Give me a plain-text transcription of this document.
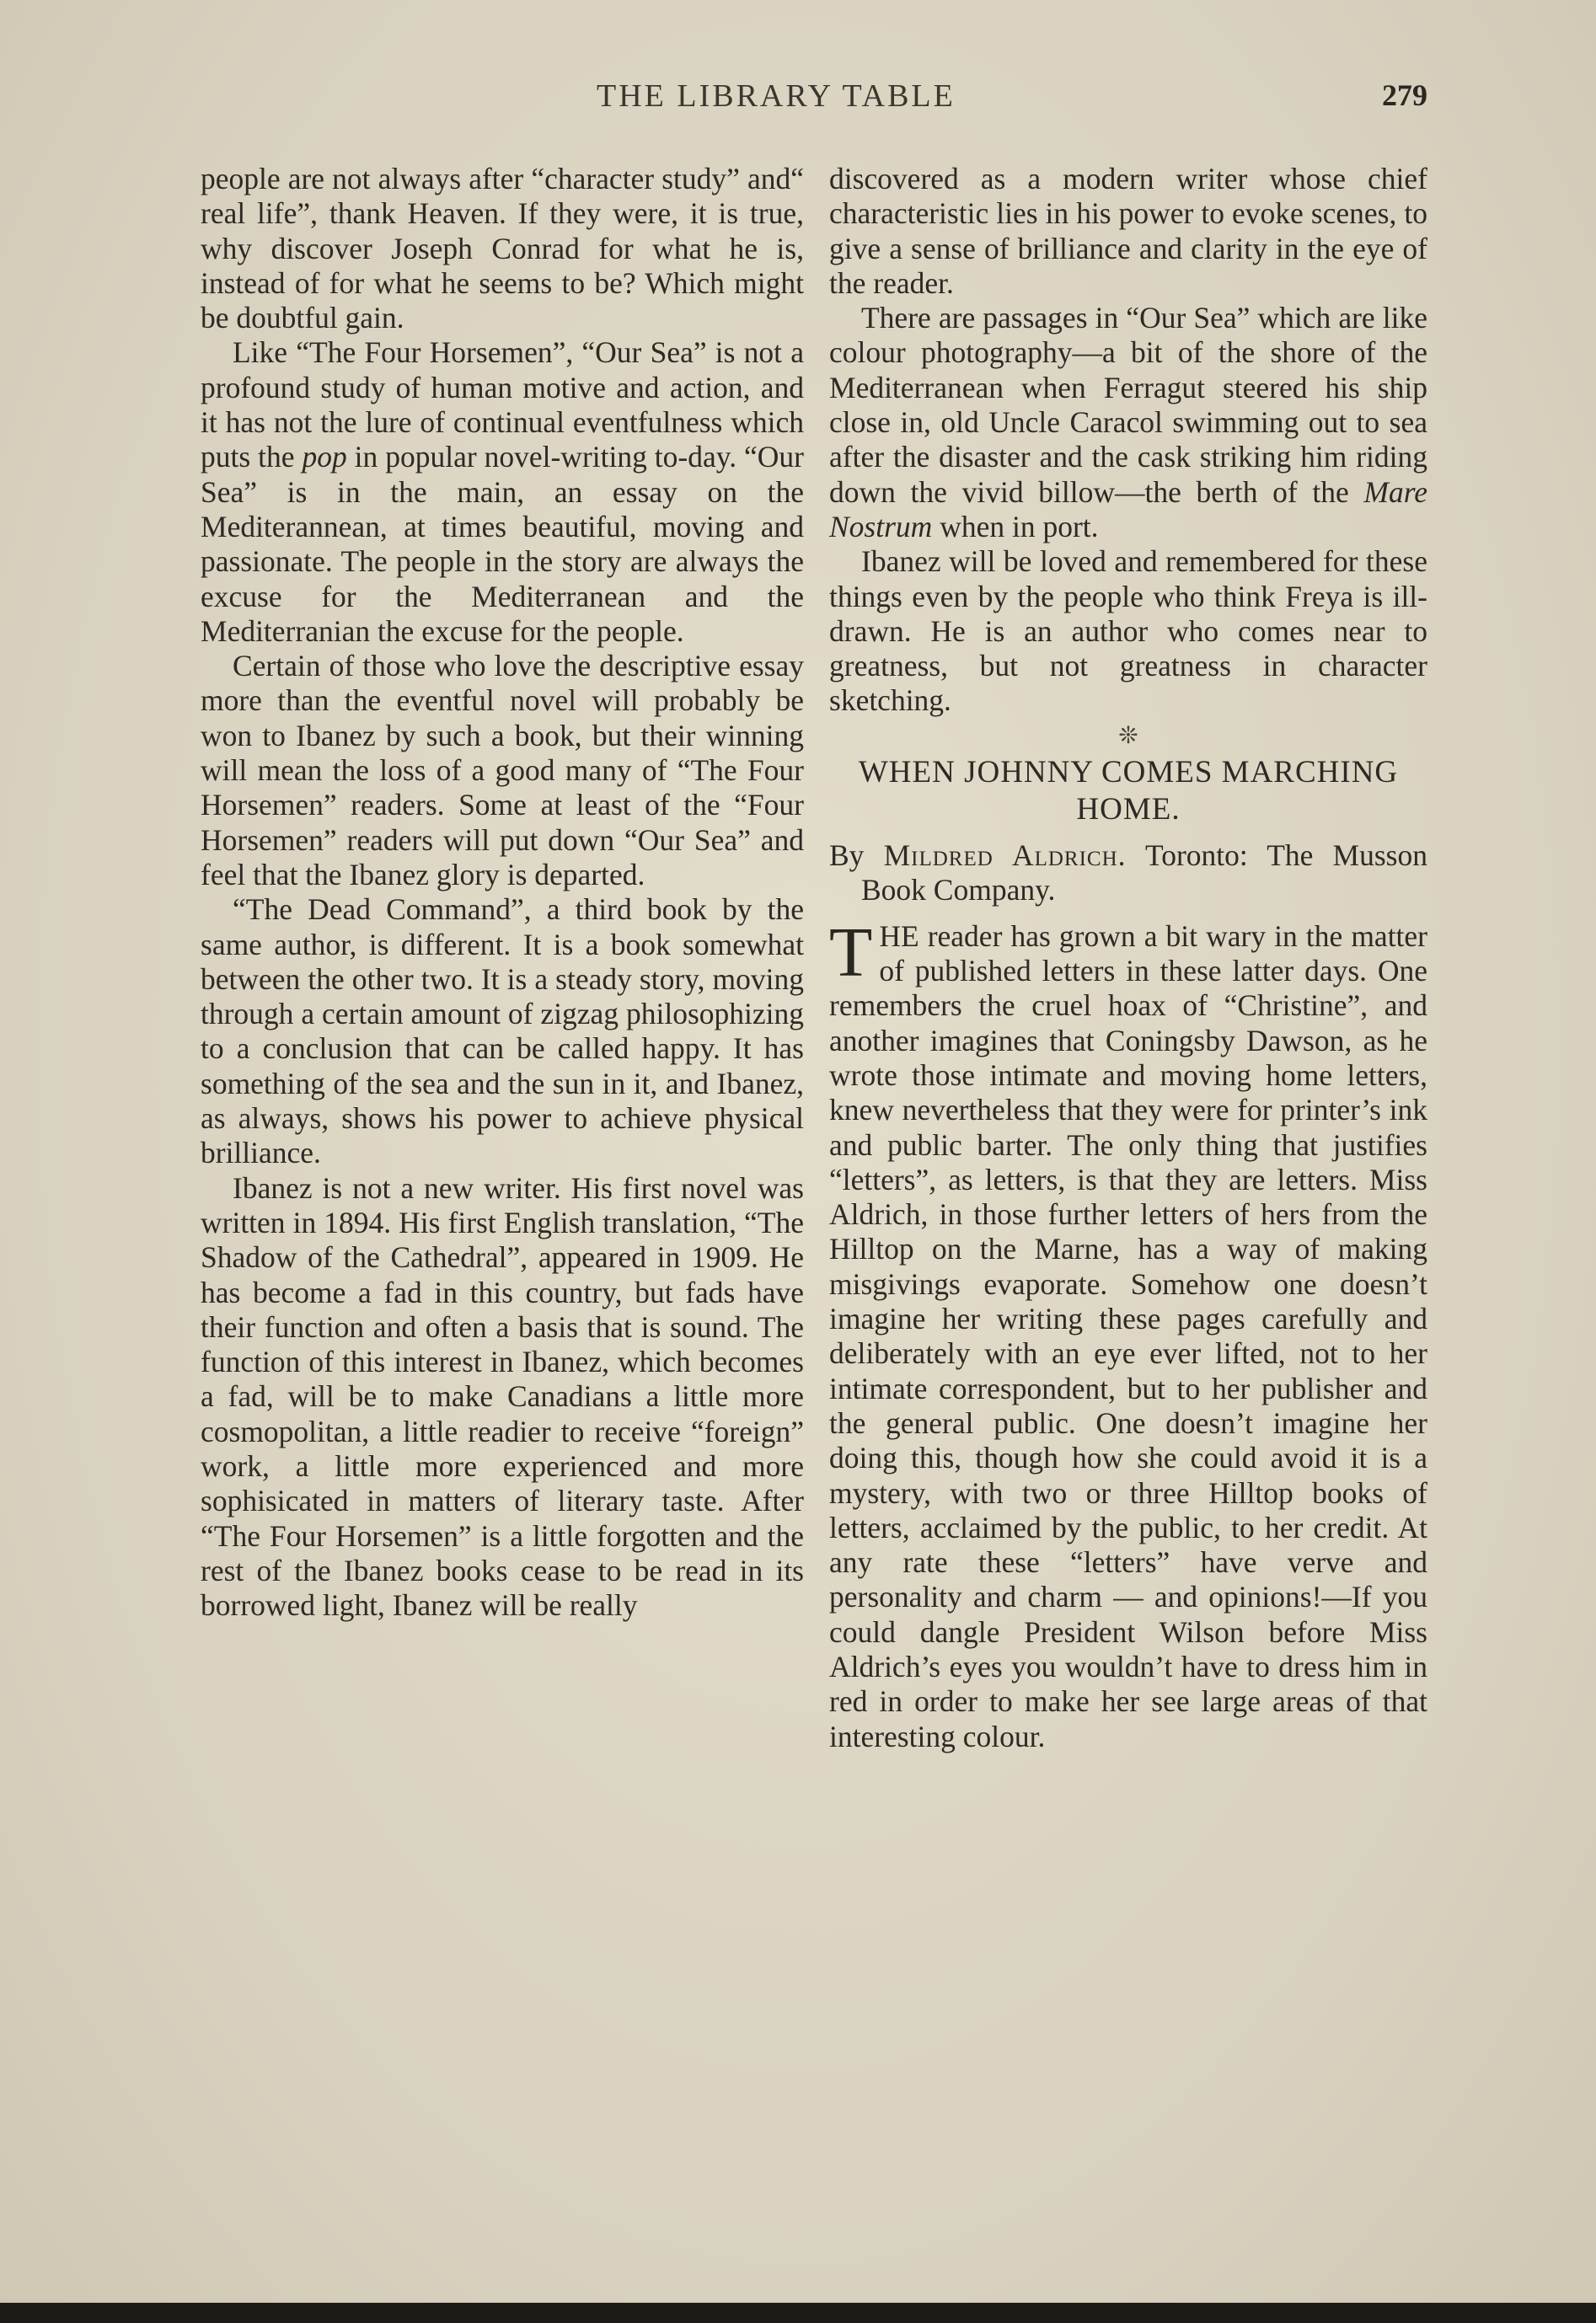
THE LIBRARY TABLE	279

people are not always after “character study” and“ real life”, thank Heaven. If they were, it is true, why discover Joseph Conrad for what he is, instead of for what he seems to be? Which might be doubtful gain.

Like “The Four Horsemen”, “Our Sea” is not a profound study of human motive and action, and it has not the lure of continual eventfulness which puts the pop in popular novel-writing to-day. “Our Sea” is in the main, an essay on the Mediterannean, at times beautiful, moving and passionate. The people in the story are always the excuse for the Mediterranean and the Mediterranian the excuse for the people.

Certain of those who love the descriptive essay more than the eventful novel will probably be won to Ibanez by such a book, but their winning will mean the loss of a good many of “The Four Horsemen” readers. Some at least of the “Four Horsemen” readers will put down “Our Sea” and feel that the Ibanez glory is departed.

“The Dead Command”, a third book by the same author, is different. It is a book somewhat between the other two. It is a steady story, moving through a certain amount of zigzag philosophizing to a conclusion that can be called happy. It has something of the sea and the sun in it, and Ibanez, as always, shows his power to achieve physical brilliance.

Ibanez is not a new writer. His first novel was written in 1894. His first English translation, “The Shadow of the Cathedral”, appeared in 1909. He has become a fad in this country, but fads have their function and often a basis that is sound. The function of this interest in Ibanez, which becomes a fad, will be to make Canadians a little more cosmopolitan, a little readier to receive “foreign” work, a little more experienced and more sophisicated in matters of literary taste. After “The Four Horsemen” is a little forgotten and the rest of the Ibanez books cease to be read in its borrowed light, Ibanez will be really

discovered as a modern writer whose chief characteristic lies in his power to evoke scenes, to give a sense of brilliance and clarity in the eye of the reader.

There are passages in “Our Sea” which are like colour photography—a bit of the shore of the Mediterranean when Ferragut steered his ship close in, old Uncle Caracol swimming out to sea after the disaster and the cask striking him riding down the vivid billow—the berth of the Mare Nostrum when in port.

Ibanez will be loved and remembered for these things even by the people who think Freya is ill-drawn. He is an author who comes near to greatness, but not greatness in character sketching.

❊
WHEN JOHNNY COMES MARCHING HOME.
By Mildred Aldrich. Toronto: The Musson Book Company.

THE reader has grown a bit wary in the matter of published letters in these latter days. One remembers the cruel hoax of “Christine”, and another imagines that Coningsby Dawson, as he wrote those intimate and moving home letters, knew nevertheless that they were for printer’s ink and public barter. The only thing that justifies “letters”, as letters, is that they are letters. Miss Aldrich, in those further letters of hers from the Hilltop on the Marne, has a way of making misgivings evaporate. Somehow one doesn’t imagine her writing these pages carefully and deliberately with an eye ever lifted, not to her intimate correspondent, but to her publisher and the general public. One doesn’t imagine her doing this, though how she could avoid it is a mystery, with two or three Hilltop books of letters, acclaimed by the public, to her credit. At any rate these “letters” have verve and personality and charm — and opinions!—If you could dangle President Wilson before Miss Aldrich’s eyes you wouldn’t have to dress him in red in order to make her see large areas of that interesting colour.
